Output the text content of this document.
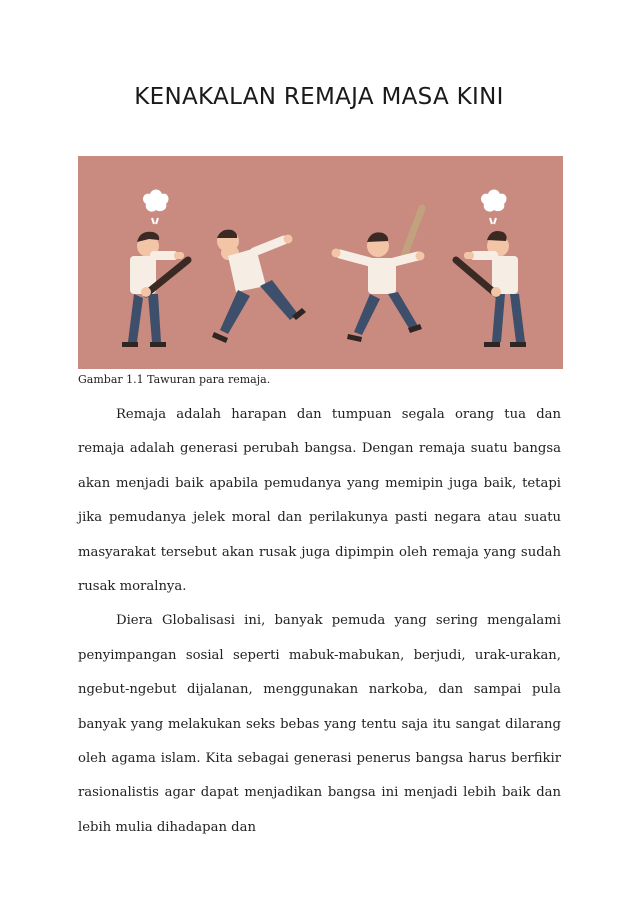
KENAKALAN REMAJA MASA KINI
Gambar 1.1 Tawuran para remaja.

Remaja adalah harapan dan tumpuan segala orang tua dan remaja adalah generasi perubah bangsa. Dengan remaja suatu bangsa akan menjadi baik apabila pemudanya yang memipin juga baik, tetapi jika pemudanya jelek moral dan perilakunya pasti negara atau suatu masyarakat tersebut akan rusak juga dipimpin oleh remaja yang sudah rusak moralnya.

Diera Globalisasi ini, banyak pemuda yang sering mengalami penyimpangan sosial seperti mabuk-mabukan, berjudi, urak-urakan, ngebut-ngebut dijalanan, menggunakan narkoba, dan sampai pula banyak yang melakukan seks bebas yang tentu saja itu sangat dilarang oleh agama islam. Kita sebagai generasi penerus bangsa harus berfikir rasionalistis agar dapat menjadikan bangsa ini menjadi lebih baik dan lebih mulia dihadapan dan
